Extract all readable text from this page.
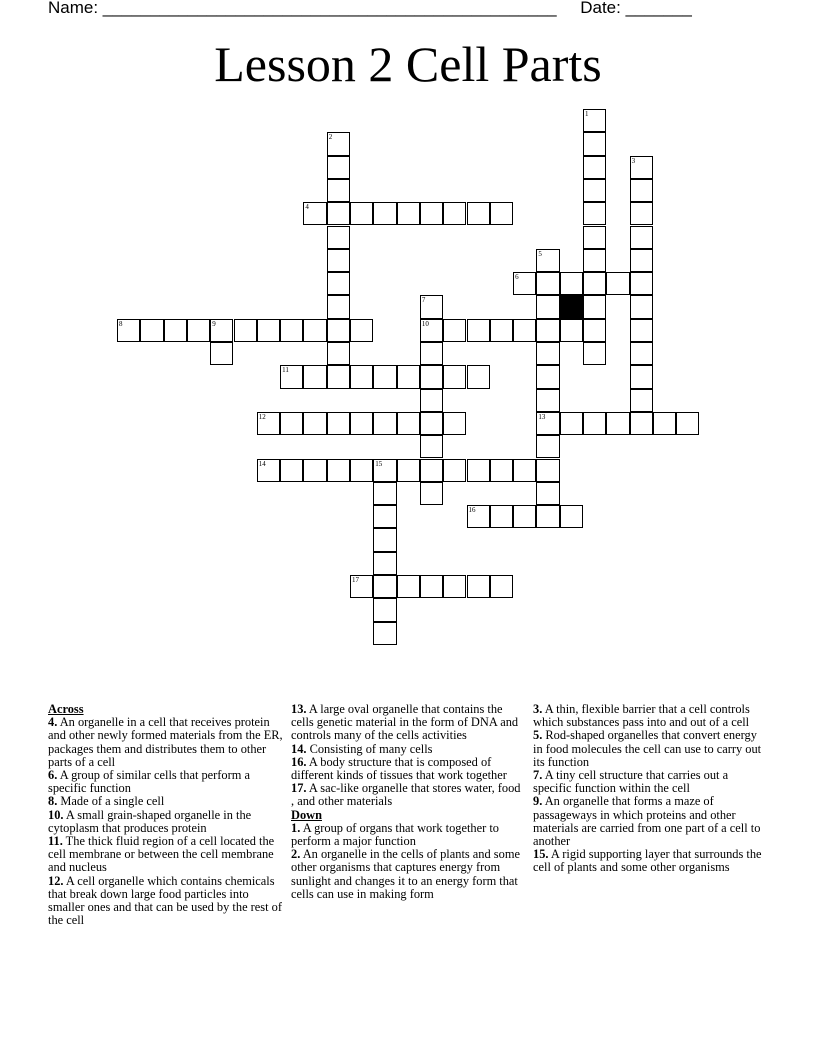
Name: ________________________________________________     Date: _______
Lesson 2 Cell Parts
1
2
3
4
5
13
6
7
10
8	9
11
12
14	15
16
17
Across
4. An organelle in a cell that receives protein and other newly formed materials from the ER, packages them and distributes them to other parts of a cell
6. A group of similar cells that perform a specific function
8. Made of a single cell
10. A small grain-shaped organelle in the cytoplasm that produces protein
11. The thick fluid region of a cell located the cell membrane or between the cell membrane and nucleus
12. A cell organelle which contains chemicals that break down large food particles into smaller ones and that can be used by the rest of the cell
13. A large oval organelle that contains the cells genetic material in the form of DNA and controls many of the cells activities
14. Consisting of many cells
16. A body structure that is composed of different kinds of tissues that work together
17. A sac-like organelle that stores water, food , and other materials
Down
1. A group of organs that work together to perform a major function
2. An organelle in the cells of plants and some other organisms that captures energy from sunlight and changes it to an energy form that cells can use in making form
3. A thin, flexible barrier that a cell controls which substances pass into and out of a cell
5. Rod-shaped organelles that convert energy in food molecules the cell can use to carry out its function
7. A tiny cell structure that carries out a specific function within the cell
9. An organelle that forms a maze of passageways in which proteins and other materials are carried from one part of a cell to another
15. A rigid supporting layer that surrounds the cell of plants and some other organisms
